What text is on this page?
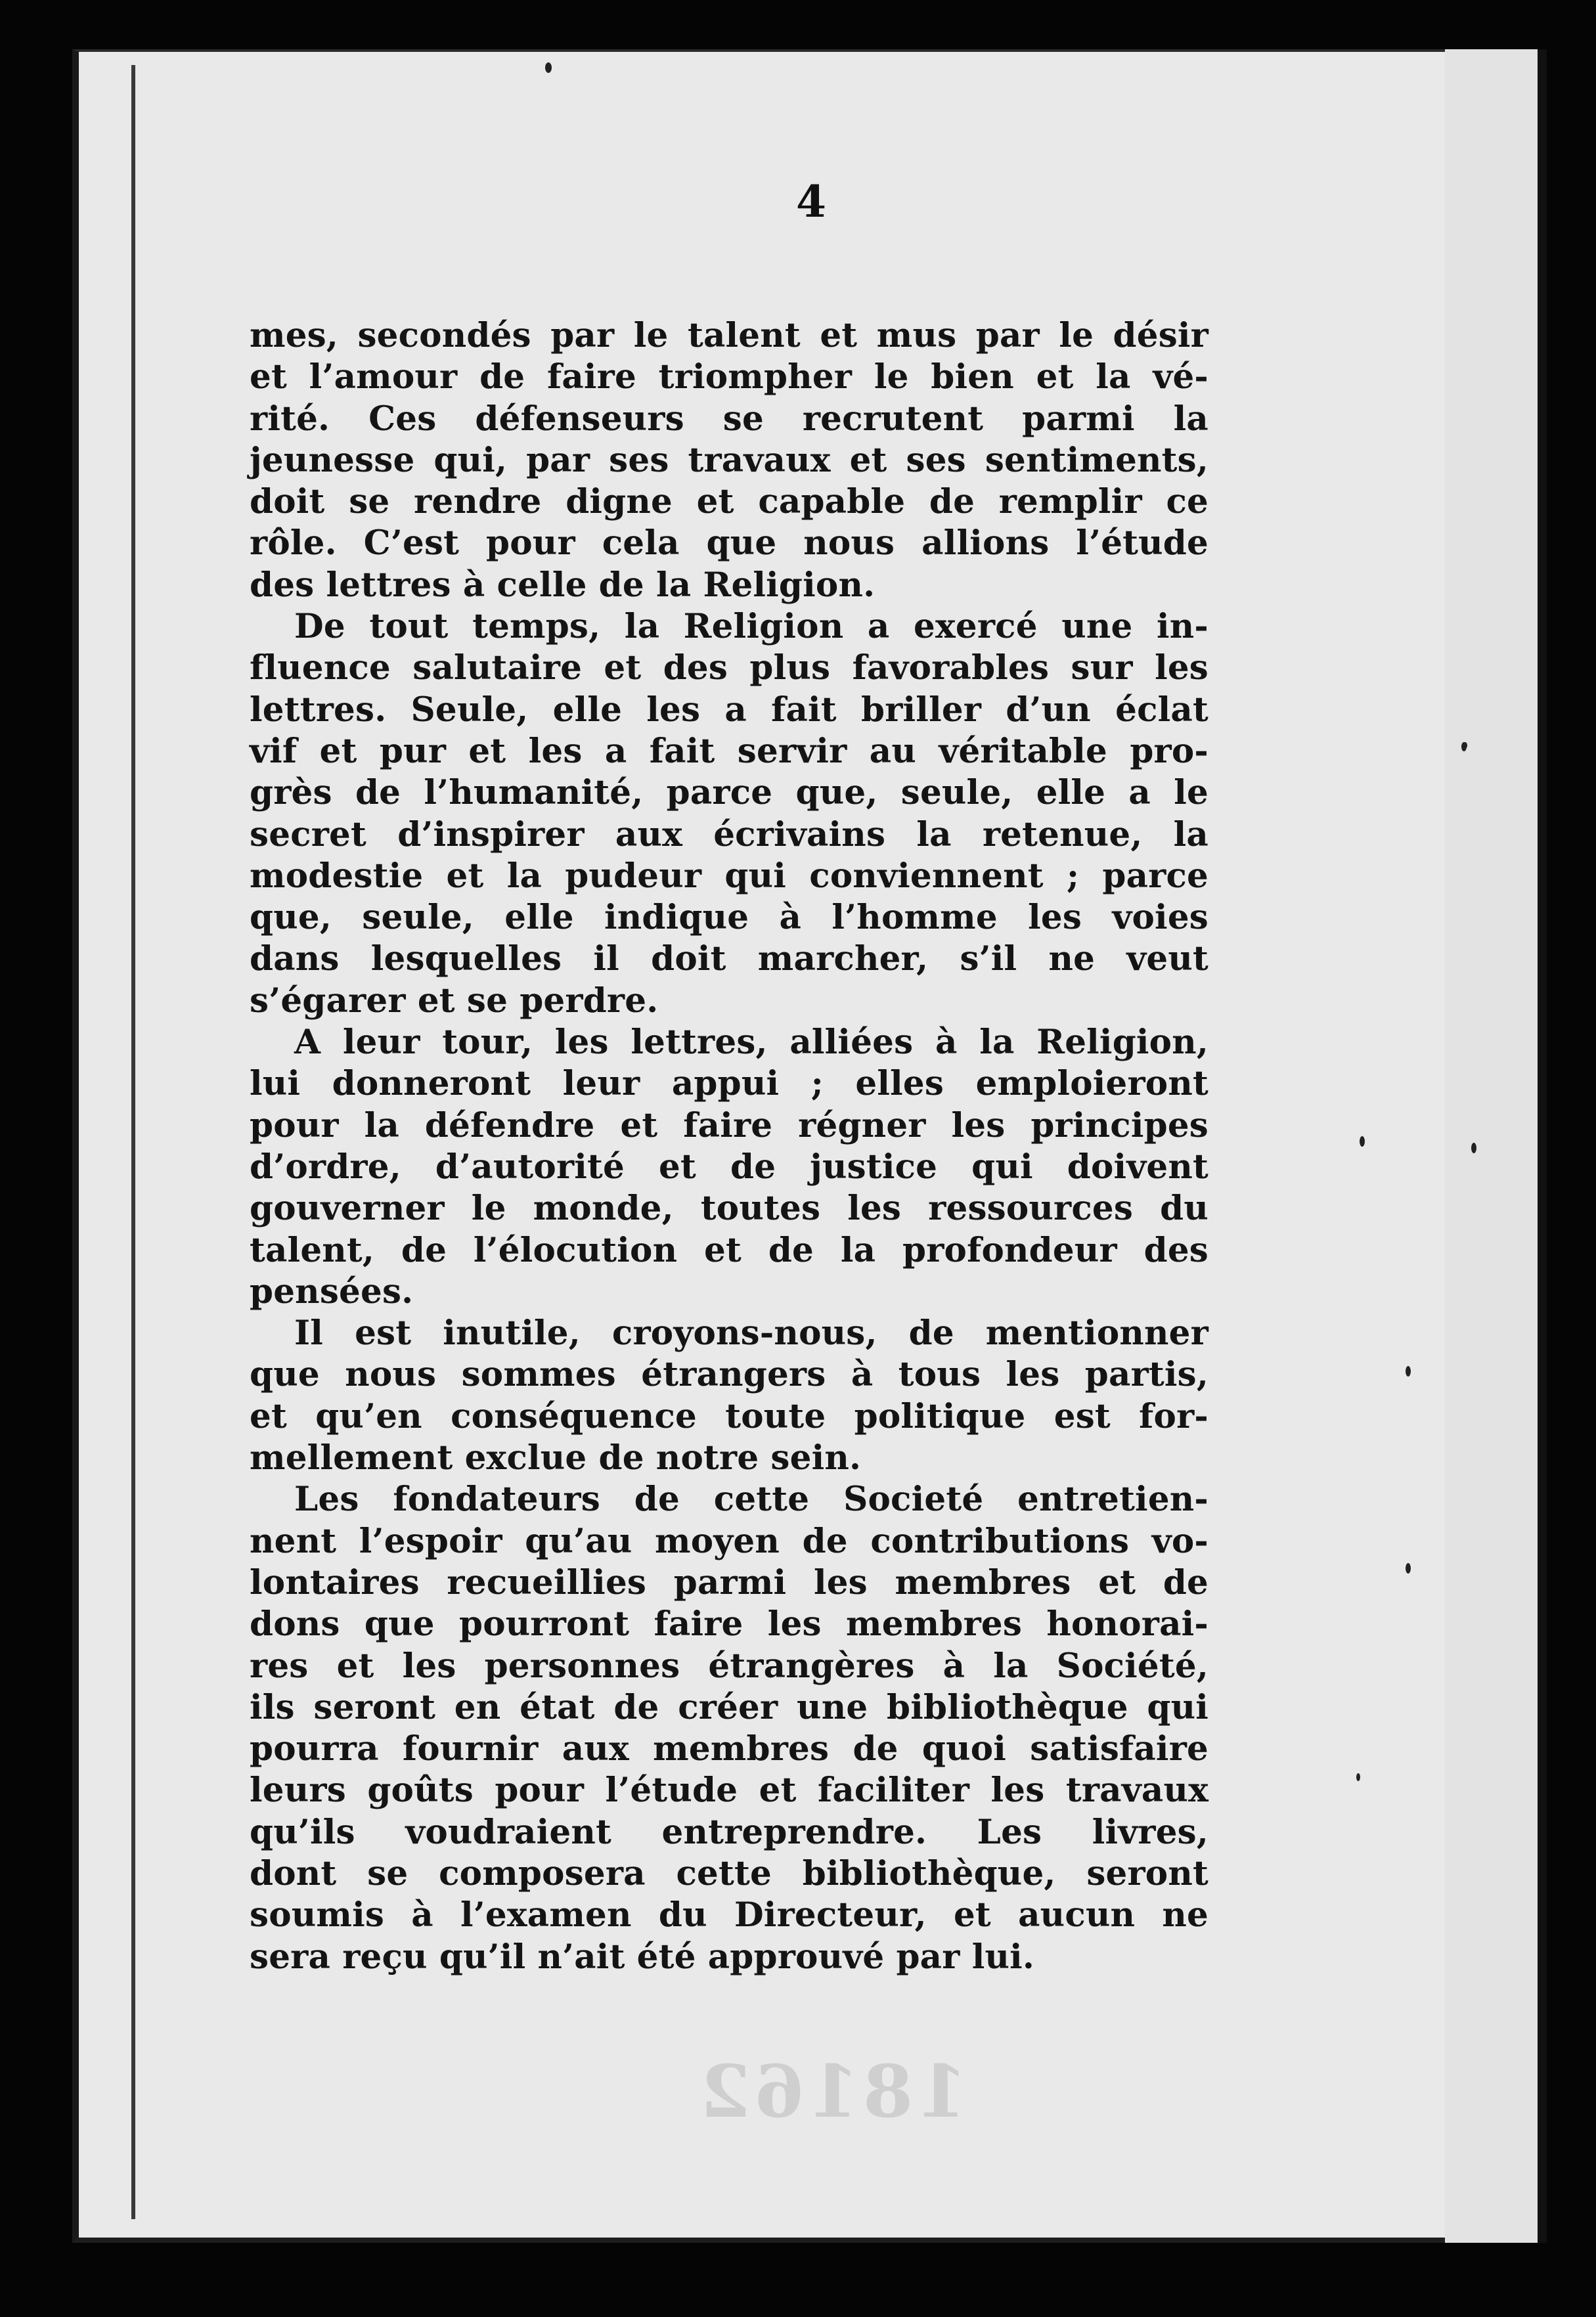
4
mes, secondés par le talent et mus par le désir
et l’amour de faire triompher le bien et la vé-
rité. Ces défenseurs se recrutent parmi la
jeunesse qui, par ses travaux et ses sentiments,
doit se rendre digne et capable de remplir ce
rôle. C’est pour cela que nous allions l’étude
des lettres à celle de la Religion.
De tout temps, la Religion a exercé une in-
fluence salutaire et des plus favorables sur les
lettres. Seule, elle les a fait briller d’un éclat
vif et pur et les a fait servir au véritable pro-
grès de l’humanité, parce que, seule, elle a le
secret d’inspirer aux écrivains la retenue, la
modestie et la pudeur qui conviennent ; parce
que, seule, elle indique à l’homme les voies
dans lesquelles il doit marcher, s’il ne veut
s’égarer et se perdre.
A leur tour, les lettres, alliées à la Religion,
lui donneront leur appui ; elles emploieront
pour la défendre et faire régner les principes
d’ordre, d’autorité et de justice qui doivent
gouverner le monde, toutes les ressources du
talent, de l’élocution et de la profondeur des
pensées.
Il est inutile, croyons-nous, de mentionner
que nous sommes étrangers à tous les partis,
et qu’en conséquence toute politique est for-
mellement exclue de notre sein.
Les fondateurs de cette Societé entretien-
nent l’espoir qu’au moyen de contributions vo-
lontaires recueillies parmi les membres et de
dons que pourront faire les membres honorai-
res et les personnes étrangères à la Société,
ils seront en état de créer une bibliothèque qui
pourra fournir aux membres de quoi satisfaire
leurs goûts pour l’étude et faciliter les travaux
qu’ils voudraient entreprendre. Les livres,
dont se composera cette bibliothèque, seront
soumis à l’examen du Directeur, et aucun ne
sera reçu qu’il n’ait été approuvé par lui.
18162
